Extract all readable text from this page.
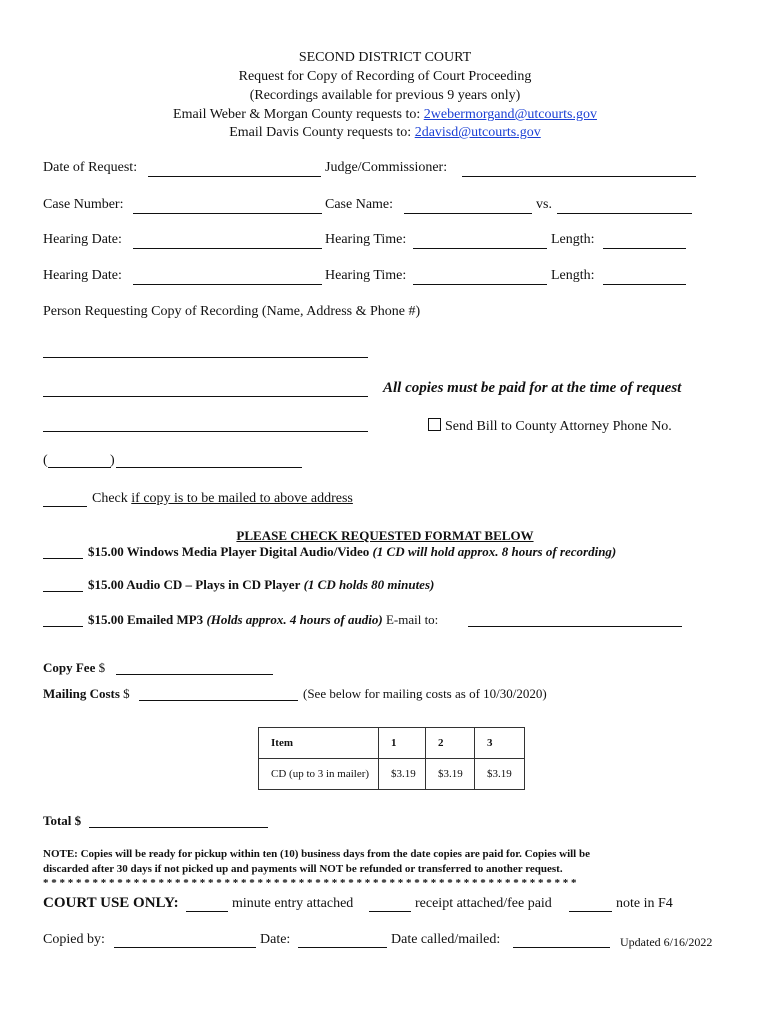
SECOND DISTRICT COURT
Request for Copy of Recording of Court Proceeding
(Recordings available for previous 9 years only)
Email Weber & Morgan County requests to: 2webermorgand@utcourts.gov
Email Davis County requests to: 2davisd@utcourts.gov
Date of Request:	Judge/Commissioner:
Case Number:	Case Name:	vs.
Hearing Date:	Hearing Time:	Length:
Hearing Date:	Hearing Time:	Length:
Person Requesting Copy of Recording (Name, Address & Phone #)
All copies must be paid for at the time of request
Send Bill to County Attorney Phone No.
(	)
Check if copy is to be mailed to above address
PLEASE CHECK REQUESTED FORMAT BELOW
$15.00 Windows Media Player Digital Audio/Video (1 CD will hold approx. 8 hours of recording)
$15.00 Audio CD – Plays in CD Player (1 CD holds 80 minutes)
$15.00 Emailed MP3 (Holds approx. 4 hours of audio) E-mail to:
Copy Fee $
Mailing Costs $	(See below for mailing costs as of 10/30/2020)
Item	1	2	3
CD (up to 3 in mailer)	$3.19	$3.19	$3.19
Total $
NOTE: Copies will be ready for pickup within ten (10) business days from the date copies are paid for. Copies will be
discarded after 30 days if not picked up and payments will NOT be refunded or transferred to another request.
* * * * * * * * * * * * * * * * * * * * * * * * * * * * * * * * * * * * * * * * * * * * * * * * * * * * * * * * * * * * * * * * *
COURT USE ONLY:	minute entry attached	receipt attached/fee paid	note in F4
Copied by:	Date:	Date called/mailed:	Updated 6/16/2022
